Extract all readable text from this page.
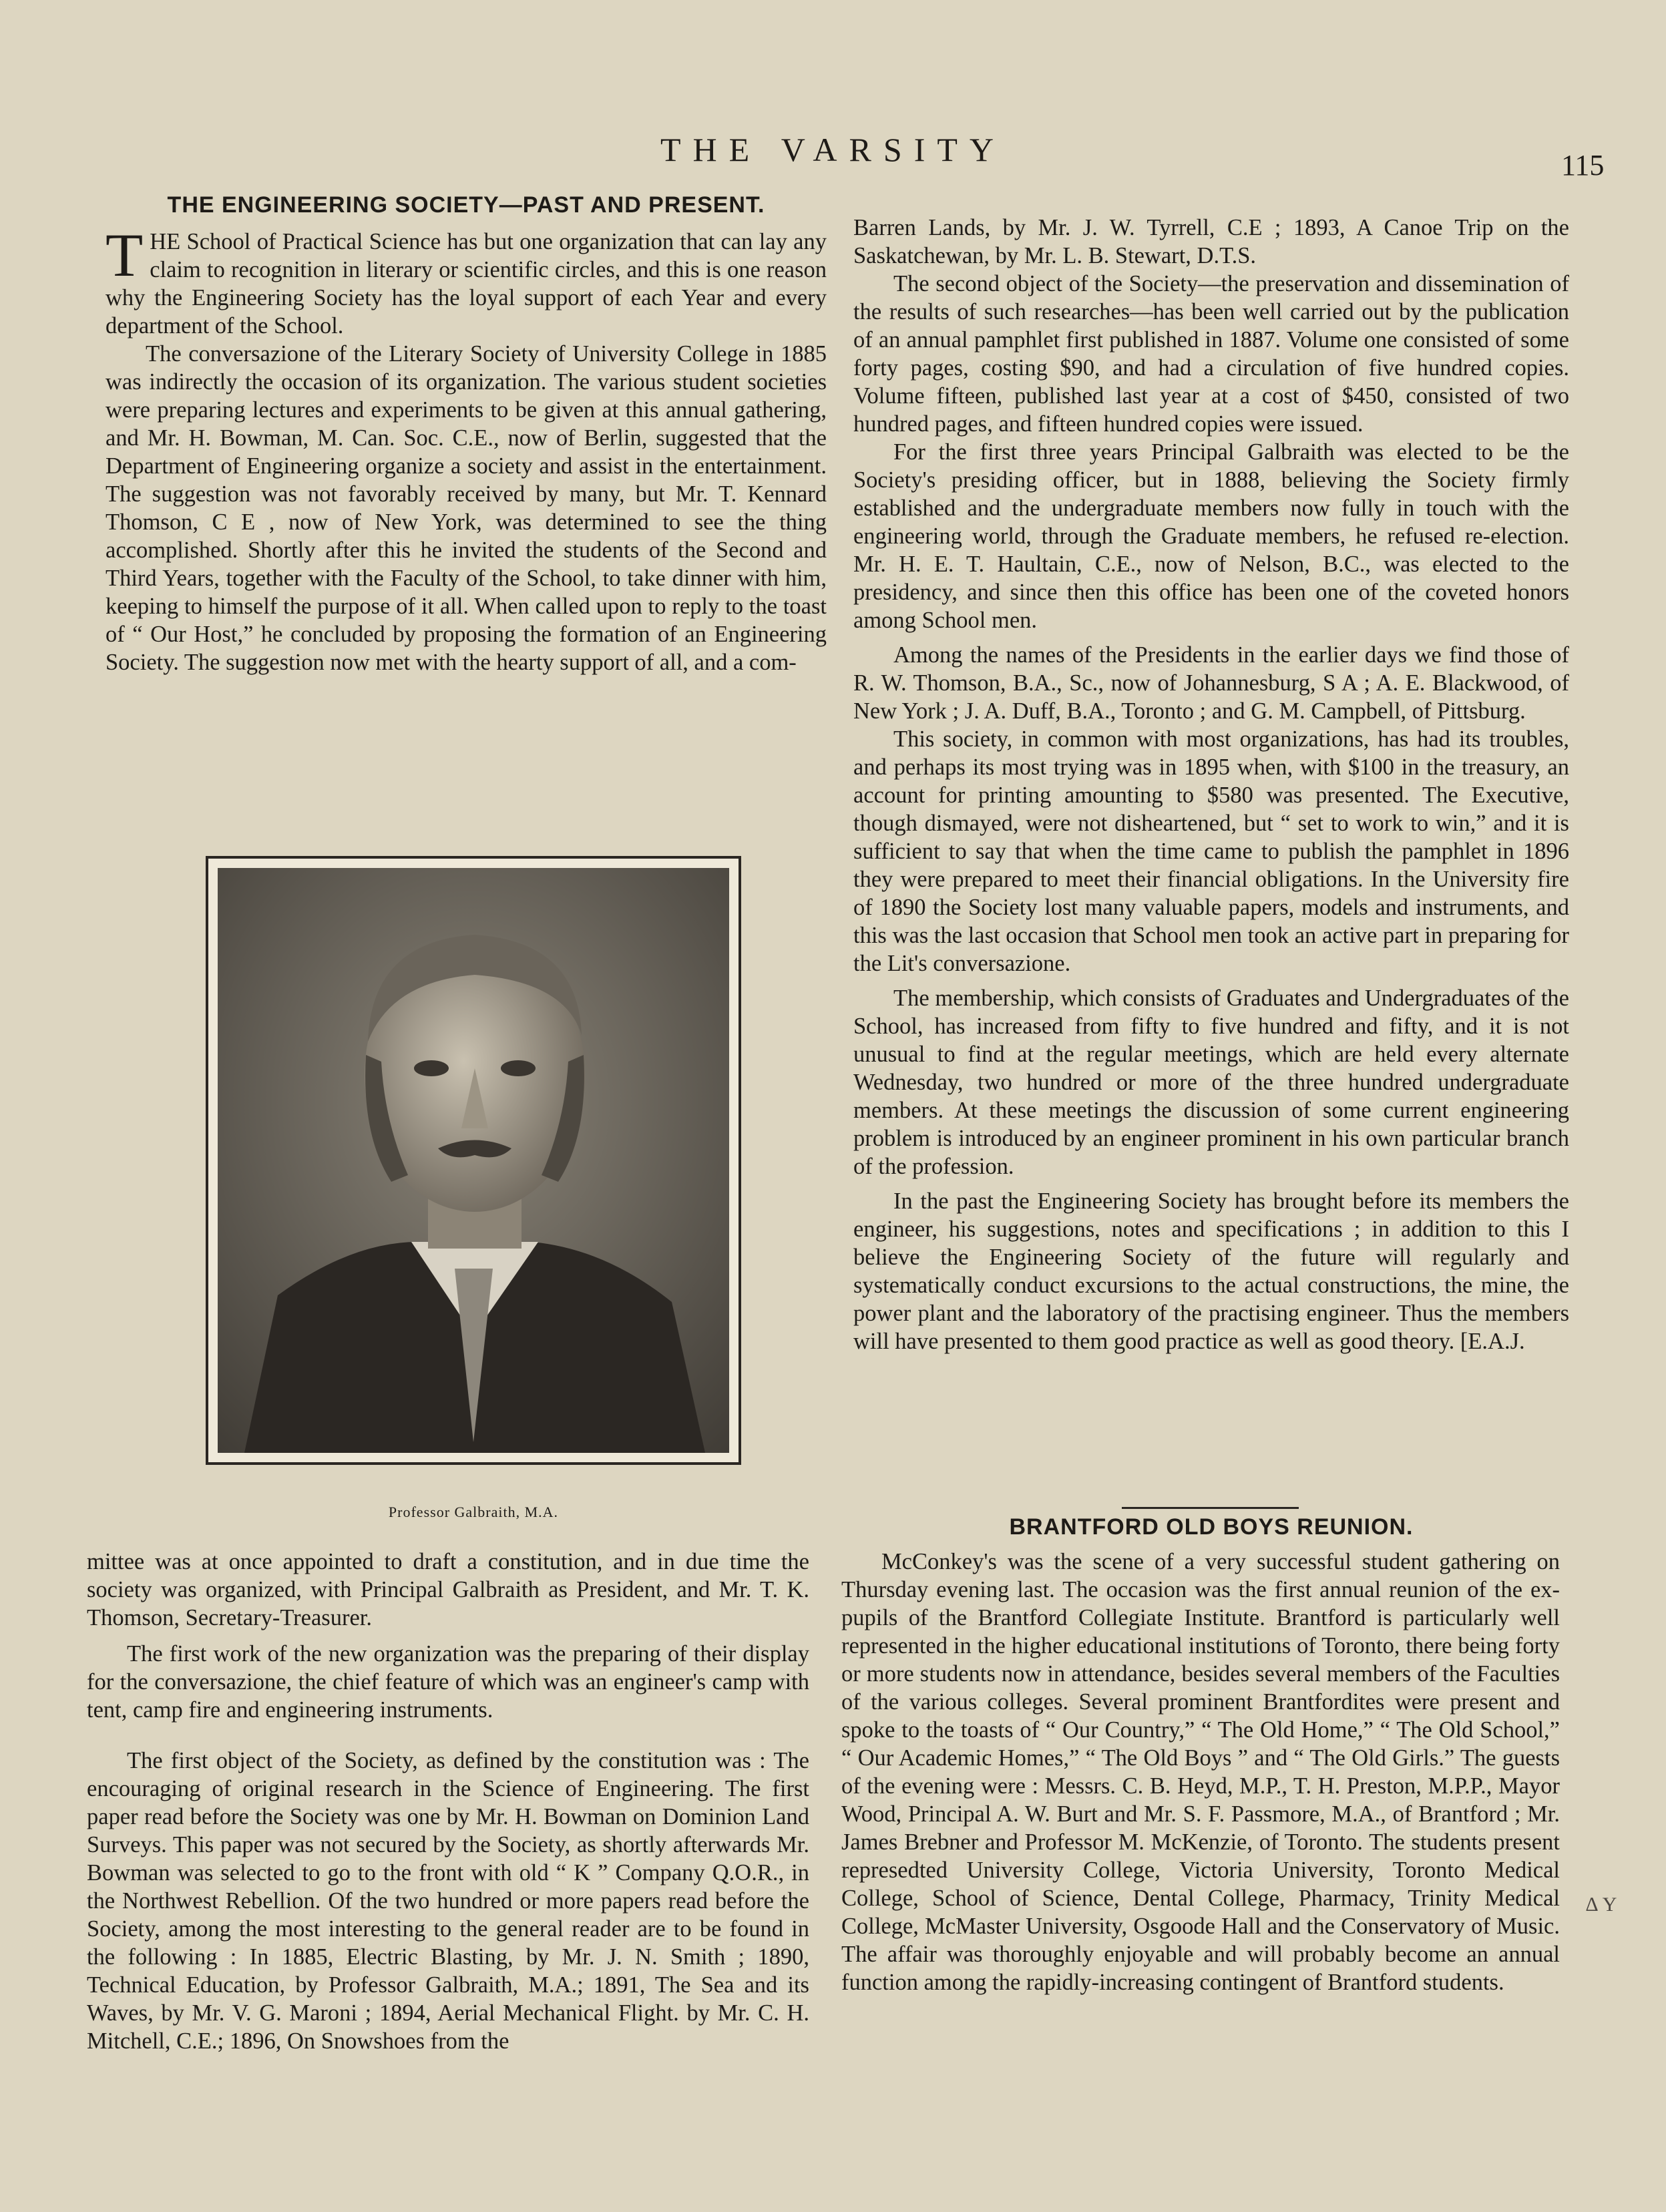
THE VARSITY	115
THE ENGINEERING SOCIETY—PAST AND PRESENT.

THE School of Practical Science has but one organization that can lay any claim to recognition in literary or scientific circles, and this is one reason why the Engineering Society has the loyal support of each Year and every department of the School.

The conversazione of the Literary Society of University College in 1885 was indirectly the occasion of its organization. The various student societies were preparing lectures and experiments to be given at this annual gathering, and Mr. H. Bowman, M. Can. Soc. C.E., now of Berlin, suggested that the Department of Engineering organize a society and assist in the entertainment. The suggestion was not favorably received by many, but Mr. T. Kennard Thomson, C E , now of New York, was determined to see the thing accomplished. Shortly after this he invited the students of the Second and Third Years, together with the Faculty of the School, to take dinner with him, keeping to himself the purpose of it all. When called upon to reply to the toast of “ Our Host,” he concluded by proposing the formation of an Engineering Society. The suggestion now met with the hearty support of all, and a com-

Professor Galbraith, M.A.

mittee was at once appointed to draft a constitution, and in due time the society was organized, with Principal Galbraith as President, and Mr. T. K. Thomson, Secretary-Treasurer.

The first work of the new organization was the preparing of their display for the conversazione, the chief feature of which was an engineer's camp with tent, camp fire and engineering instruments.

The first object of the Society, as defined by the constitution was : The encouraging of original research in the Science of Engineering. The first paper read before the Society was one by Mr. H. Bowman on Dominion Land Surveys. This paper was not secured by the Society, as shortly afterwards Mr. Bowman was selected to go to the front with old “ K ” Company Q.O.R., in the Northwest Rebellion. Of the two hundred or more papers read before the Society, among the most interesting to the general reader are to be found in the following : In 1885, Electric Blasting, by Mr. J. N. Smith ; 1890, Technical Education, by Professor Galbraith, M.A.; 1891, The Sea and its Waves, by Mr. V. G. Maroni ; 1894, Aerial Mechanical Flight. by Mr. C. H. Mitchell, C.E.; 1896, On Snowshoes from the

Barren Lands, by Mr. J. W. Tyrrell, C.E ; 1893, A Canoe Trip on the Saskatchewan, by Mr. L. B. Stewart, D.T.S.

The second object of the Society—the preservation and dissemination of the results of such researches—has been well carried out by the publication of an annual pamphlet first published in 1887. Volume one consisted of some forty pages, costing $90, and had a circulation of five hundred copies. Volume fifteen, published last year at a cost of $450, consisted of two hundred pages, and fifteen hundred copies were issued.

For the first three years Principal Galbraith was elected to be the Society's presiding officer, but in 1888, believing the Society firmly established and the undergraduate members now fully in touch with the engineering world, through the Graduate members, he refused re-election. Mr. H. E. T. Haultain, C.E., now of Nelson, B.C., was elected to the presidency, and since then this office has been one of the coveted honors among School men.

Among the names of the Presidents in the earlier days we find those of R. W. Thomson, B.A., Sc., now of Johannesburg, S A ; A. E. Blackwood, of New York ; J. A. Duff, B.A., Toronto ; and G. M. Campbell, of Pittsburg.

This society, in common with most organizations, has had its troubles, and perhaps its most trying was in 1895 when, with $100 in the treasury, an account for printing amounting to $580 was presented. The Executive, though dismayed, were not disheartened, but “ set to work to win,” and it is sufficient to say that when the time came to publish the pamphlet in 1896 they were prepared to meet their financial obligations. In the University fire of 1890 the Society lost many valuable papers, models and instruments, and this was the last occasion that School men took an active part in preparing for the Lit's conversazione.

The membership, which consists of Graduates and Undergraduates of the School, has increased from fifty to five hundred and fifty, and it is not unusual to find at the regular meetings, which are held every alternate Wednesday, two hundred or more of the three hundred undergraduate members. At these meetings the discussion of some current engineering problem is introduced by an engineer prominent in his own particular branch of the profession.

In the past the Engineering Society has brought before its members the engineer, his suggestions, notes and specifications ; in addition to this I believe the Engineering Society of the future will regularly and systematically conduct excursions to the actual constructions, the mine, the power plant and the laboratory of the practising engineer. Thus the members will have presented to them good practice as well as good theory. [E.A.J.

BRANTFORD OLD BOYS REUNION.

McConkey's was the scene of a very successful student gathering on Thursday evening last. The occasion was the first annual reunion of the ex-pupils of the Brantford Collegiate Institute. Brantford is particularly well represented in the higher educational institutions of Toronto, there being forty or more students now in attendance, besides several members of the Faculties of the various colleges. Several prominent Brantfordites were present and spoke to the toasts of “ Our Country,” “ The Old Home,” “ The Old School,” “ Our Academic Homes,” “ The Old Boys ” and “ The Old Girls.” The guests of the evening were : Messrs. C. B. Heyd, M.P., T. H. Preston, M.P.P., Mayor Wood, Principal A. W. Burt and Mr. S. F. Passmore, M.A., of Brantford ; Mr. James Brebner and Professor M. McKenzie, of Toronto. The students present represedted University College, Victoria University, Toronto Medical College, School of Science, Dental College, Pharmacy, Trinity Medical College, McMaster University, Osgoode Hall and the Conservatory of Music. The affair was thoroughly enjoyable and will probably become an annual function among the rapidly-increasing contingent of Brantford students.

∆ Y
